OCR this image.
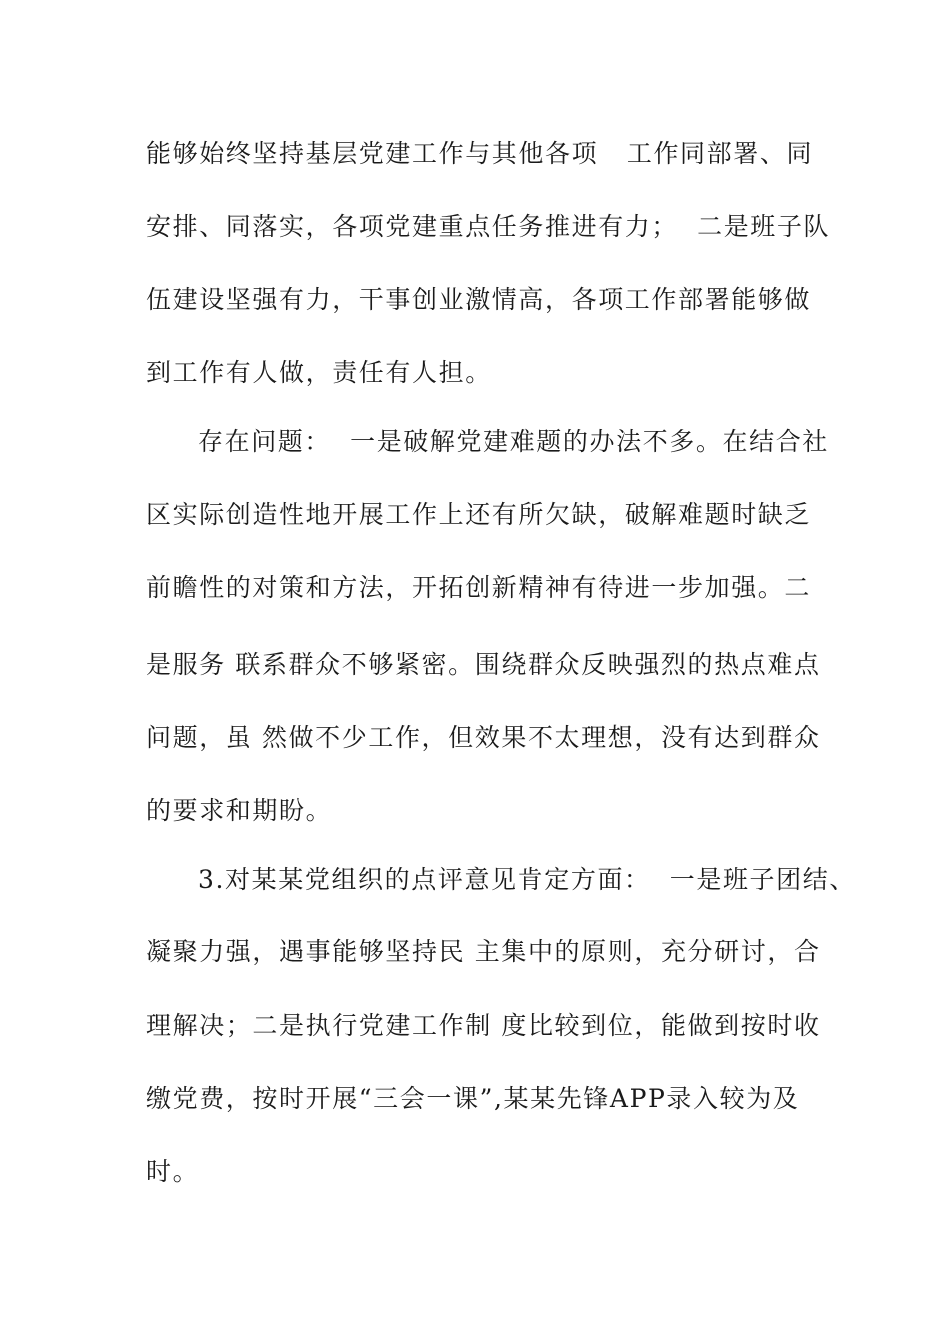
能够始终坚持基层党建工作与其他各项   工作同部署、同
安排、同落实，各项党建重点任务推进有力；  二是班子队
伍建设坚强有力，干事创业激情高，各项工作部署能够做
到工作有人做，责任有人担。
存在问题：  一是破解党建难题的办法不多。在结合社
区实际创造性地开展工作上还有所欠缺，破解难题时缺乏
前瞻性的对策和方法，开拓创新精神有待进一步加强。二
是服务 联系群众不够紧密。围绕群众反映强烈的热点难点
问题，虽 然做不少工作，但效果不太理想，没有达到群众
的要求和期盼。
3.对某某党组织的点评意见肯定方面：  一是班子团结、
凝聚力强，遇事能够坚持民 主集中的原则，充分研讨，合
理解决；二是执行党建工作制 度比较到位，能做到按时收
缴党费，按时开展“三会一课”,某某先锋APP录入较为及
时。
